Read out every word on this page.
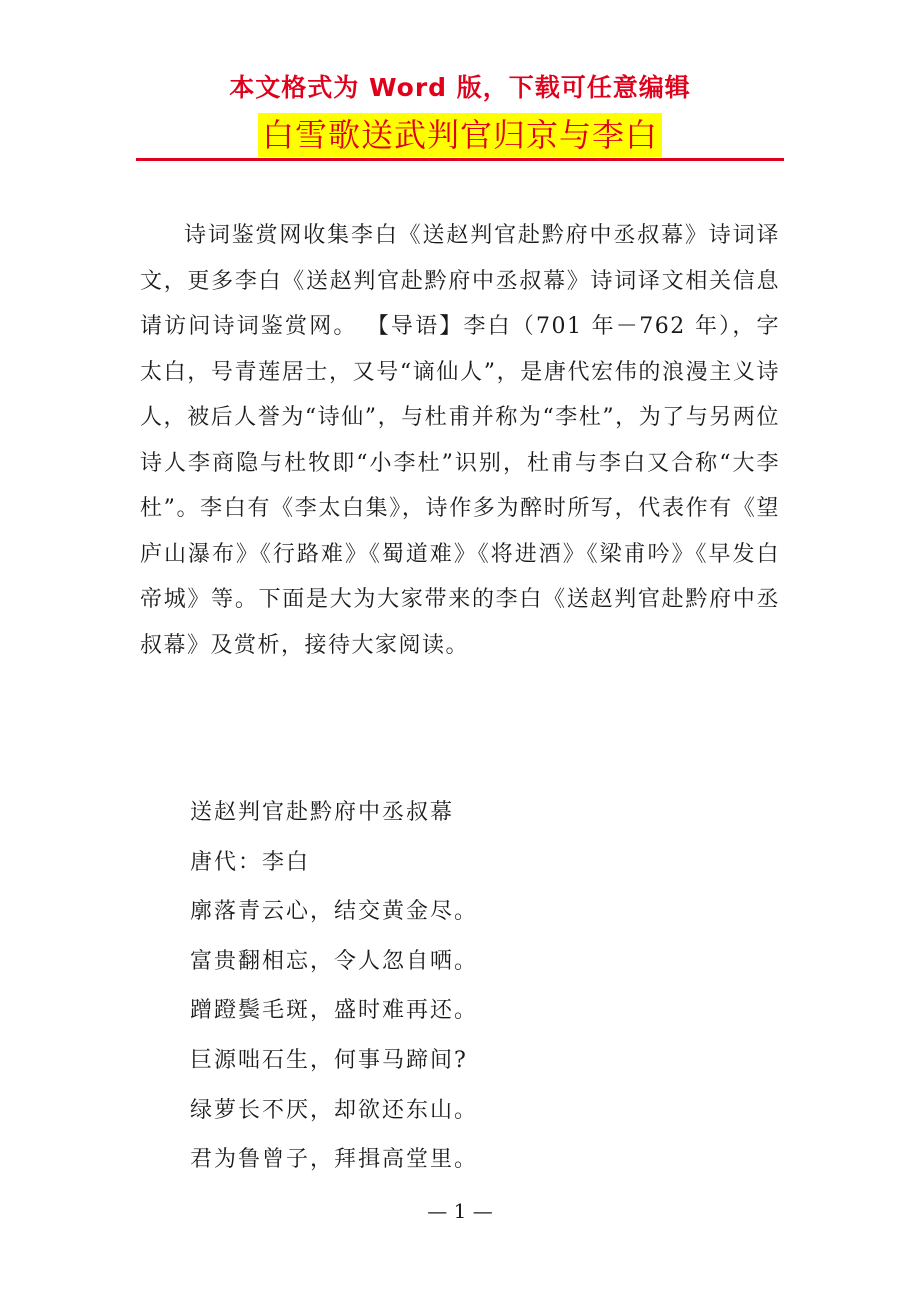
本文格式为 Word 版，下载可任意编辑
白雪歌送武判官归京与李白

诗词鉴赏网收集李白《送赵判官赴黔府中丞叔幕》诗词译文，更多李白《送赵判官赴黔府中丞叔幕》诗词译文相关信息请访问诗词鉴赏网。 【导语】李白（701 年－762 年），字太白，号青莲居士，又号“谪仙人”，是唐代宏伟的浪漫主义诗人，被后人誉为“诗仙”，与杜甫并称为“李杜”，为了与另两位诗人李商隐与杜牧即“小李杜”识别，杜甫与李白又合称“大李杜”。李白有《李太白集》，诗作多为醉时所写，代表作有《望庐山瀑布》《行路难》《蜀道难》《将进酒》《梁甫吟》《早发白帝城》等。下面是大为大家带来的李白《送赵判官赴黔府中丞叔幕》及赏析，接待大家阅读。

送赵判官赴黔府中丞叔幕
唐代：李白
廓落青云心，结交黄金尽。
富贵翻相忘，令人忽自哂。
蹭蹬鬓毛斑，盛时难再还。
巨源咄石生，何事马蹄间?
绿萝长不厌，却欲还东山。
君为鲁曾子，拜揖高堂里。
— 1 —
